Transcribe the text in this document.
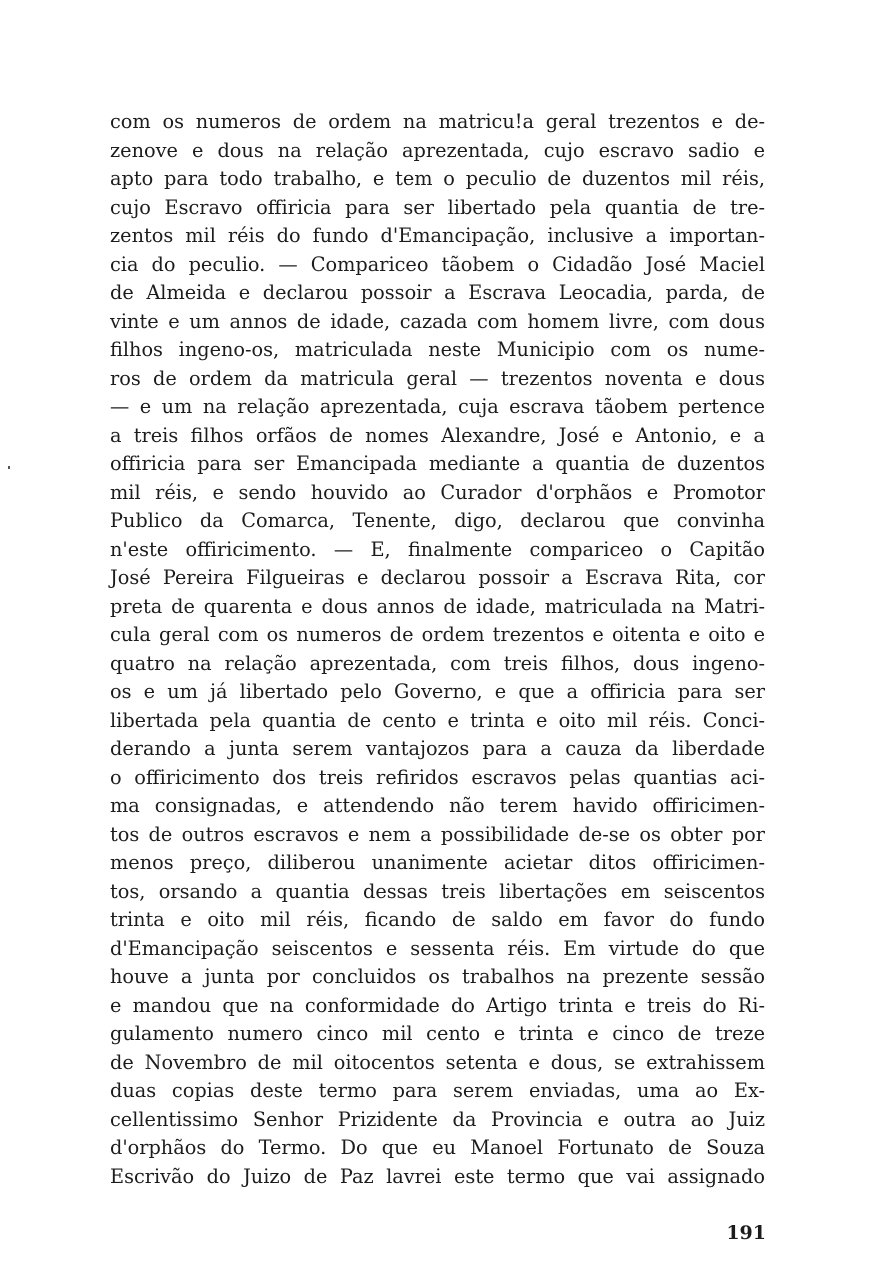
com os numeros de ordem na matricu!a geral trezentos e de-
zenove e dous na relação aprezentada, cujo escravo sadio e
apto para todo trabalho, e tem o peculio de duzentos mil réis,
cujo Escravo offiricia para ser libertado pela quantia de tre-
zentos mil réis do fundo d'Emancipação, inclusive a importan-
cia do peculio. — Compariceo tãobem o Cidadão José Maciel
de Almeida e declarou possoir a Escrava Leocadia, parda, de
vinte e um annos de idade, cazada com homem livre, com dous
filhos ingeno-os, matriculada neste Municipio com os nume-
ros de ordem da matricula geral — trezentos noventa e dous
— e um na relação aprezentada, cuja escrava tãobem pertence
a treis filhos orfãos de nomes Alexandre, José e Antonio, e a
offiricia para ser Emancipada mediante a quantia de duzentos
mil réis, e sendo houvido ao Curador d'orphãos e Promotor
Publico da Comarca, Tenente, digo, declarou que convinha
n'este offiricimento. — E, finalmente compariceo o Capitão
José Pereira Filgueiras e declarou possoir a Escrava Rita, cor
preta de quarenta e dous annos de idade, matriculada na Matri-
cula geral com os numeros de ordem trezentos e oitenta e oito e
quatro na relação aprezentada, com treis filhos, dous ingeno-
os e um já libertado pelo Governo, e que a offiricia para ser
libertada pela quantia de cento e trinta e oito mil réis. Conci-
derando a junta serem vantajozos para a cauza da liberdade
o offiricimento dos treis refiridos escravos pelas quantias aci-
ma consignadas, e attendendo não terem havido offiricimen-
tos de outros escravos e nem a possibilidade de-se os obter por
menos preço, diliberou unanimente acietar ditos offiricimen-
tos, orsando a quantia dessas treis libertações em seiscentos
trinta e oito mil réis, ficando de saldo em favor do fundo
d'Emancipação seiscentos e sessenta réis. Em virtude do que
houve a junta por concluidos os trabalhos na prezente sessão
e mandou que na conformidade do Artigo trinta e treis do Ri-
gulamento numero cinco mil cento e trinta e cinco de treze
de Novembro de mil oitocentos setenta e dous, se extrahissem
duas copias deste termo para serem enviadas, uma ao Ex-
cellentissimo Senhor Prizidente da Provincia e outra ao Juiz
d'orphãos do Termo. Do que eu Manoel Fortunato de Souza
Escrivão do Juizo de Paz lavrei este termo que vai assignado
191
